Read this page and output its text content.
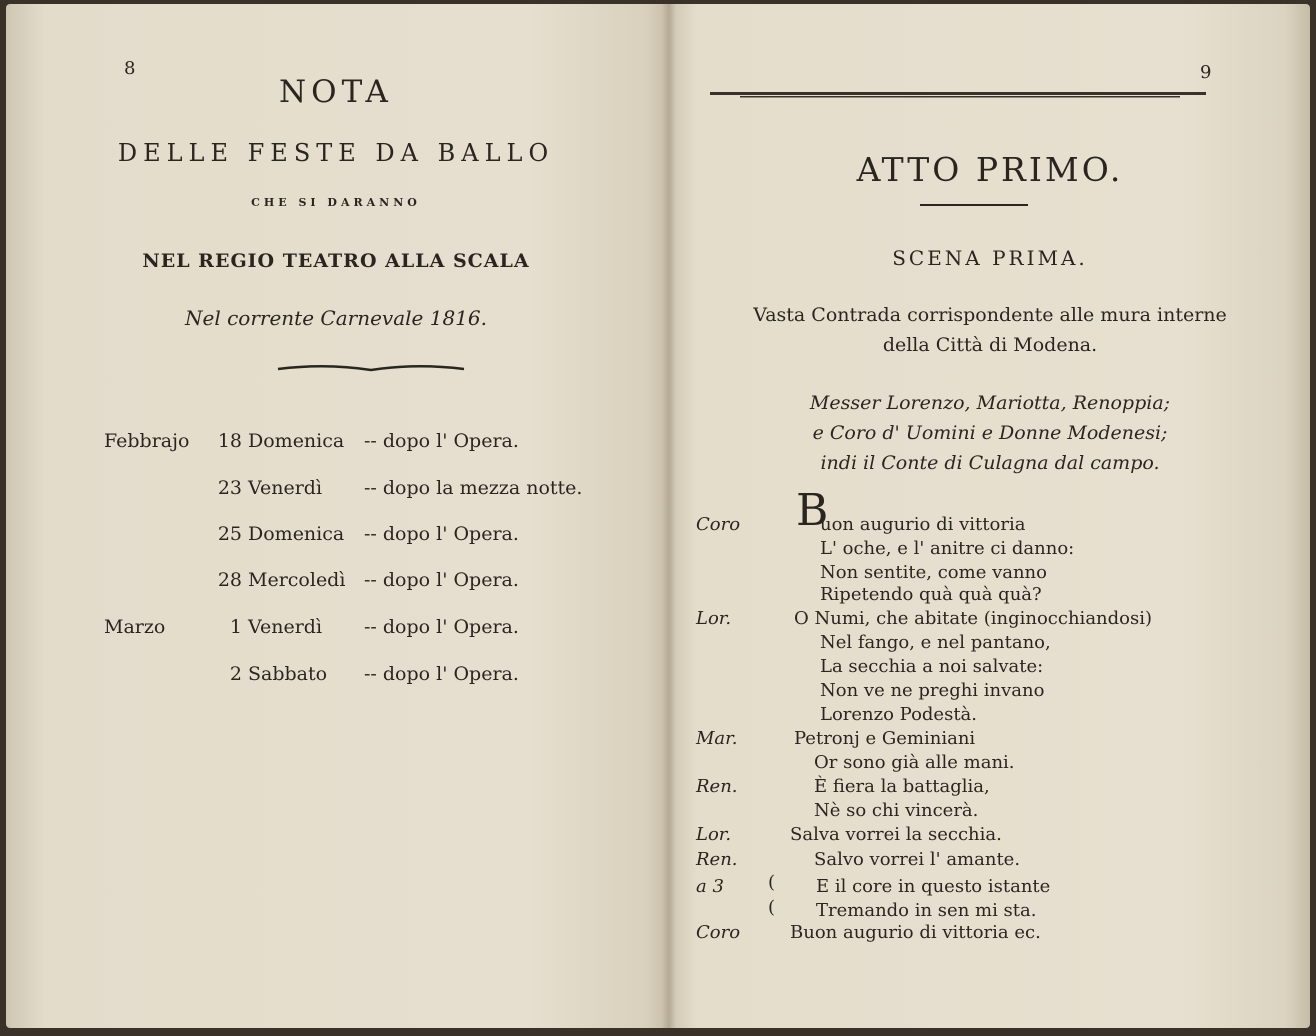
8
NOTA
DELLE FESTE DA BALLO
CHE SI DARANNO
NEL REGIO TEATRO ALLA SCALA
Nel corrente Carnevale 1816.
Febbrajo	18 Domenica -- dopo l' Opera.
23 Venerdì -- dopo la mezza notte.
25 Domenica -- dopo l' Opera.
28 Mercoledì -- dopo l' Opera.
Marzo	1 Venerdì -- dopo l' Opera.
2 Sabbato -- dopo l' Opera.
9
ATTO PRIMO.
SCENA PRIMA.
Vasta Contrada corrispondente alle mura interne
della Città di Modena.
Messer Lorenzo, Mariotta, Renoppia;
e Coro d' Uomini e Donne Modenesi;
indi il Conte di Culagna dal campo.
B
(
(
Coro	uon augurio di vittoria
L' oche, e l' anitre ci danno:
Non sentite, come vanno
Ripetendo quà quà quà?
Lor.	O Numi, che abitate (inginocchiandosi)
Nel fango, e nel pantano,
La secchia a noi salvate:
Non ve ne preghi invano
Lorenzo Podestà.
Mar.	Petronj e Geminiani
Or sono già alle mani.
Ren.	È fiera la battaglia,
Nè so chi vincerà.
Lor.	Salva vorrei la secchia.
Ren.	Salvo vorrei l' amante.
a 3	E il core in questo istante
Tremando in sen mi sta.
Coro	Buon augurio di vittoria ec.
